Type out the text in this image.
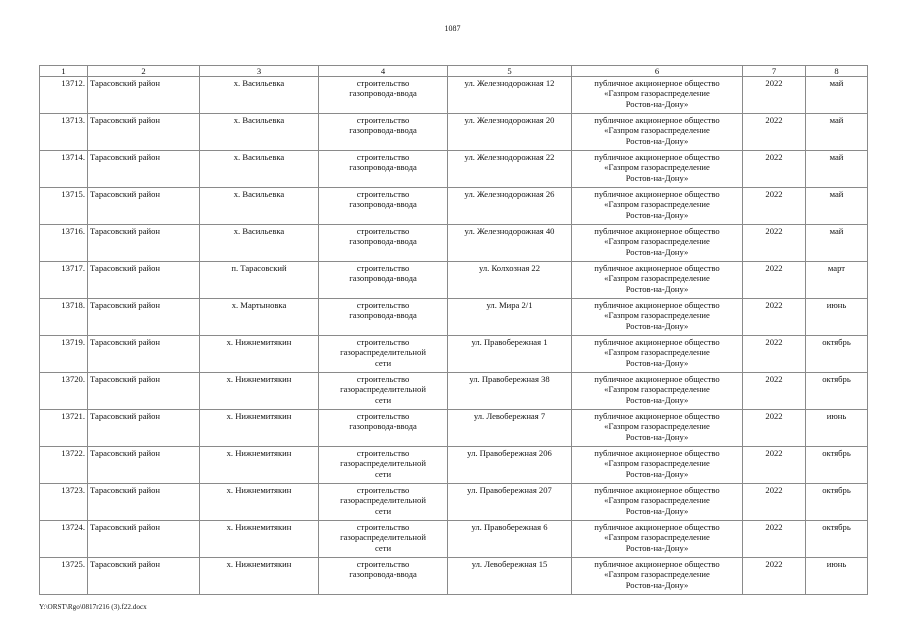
1087
1	2	3	4	5	6	7	8
13712.	Тарасовский район	х. Васильевка	строительство
газопровода-ввода	ул. Железнодорожная 12	публичное акционерное общество
«Газпром газораспределение
Ростов-на-Дону»	2022	май
13713.	Тарасовский район	х. Васильевка	строительство
газопровода-ввода	ул. Железнодорожная 20	публичное акционерное общество
«Газпром газораспределение
Ростов-на-Дону»	2022	май
13714.	Тарасовский район	х. Васильевка	строительство
газопровода-ввода	ул. Железнодорожная 22	публичное акционерное общество
«Газпром газораспределение
Ростов-на-Дону»	2022	май
13715.	Тарасовский район	х. Васильевка	строительство
газопровода-ввода	ул. Железнодорожная 26	публичное акционерное общество
«Газпром газораспределение
Ростов-на-Дону»	2022	май
13716.	Тарасовский район	х. Васильевка	строительство
газопровода-ввода	ул. Железнодорожная 40	публичное акционерное общество
«Газпром газораспределение
Ростов-на-Дону»	2022	май
13717.	Тарасовский район	п. Тарасовский	строительство
газопровода-ввода	ул. Колхозная 22	публичное акционерное общество
«Газпром газораспределение
Ростов-на-Дону»	2022	март
13718.	Тарасовский район	х. Мартыновка	строительство
газопровода-ввода	ул. Мира 2/1	публичное акционерное общество
«Газпром газораспределение
Ростов-на-Дону»	2022	июнь
13719.	Тарасовский район	х. Нижнемитякин	строительство
газораспределительной
сети	ул. Правобережная 1	публичное акционерное общество
«Газпром газораспределение
Ростов-на-Дону»	2022	октябрь
13720.	Тарасовский район	х. Нижнемитякин	строительство
газораспределительной
сети	ул. Правобережная 38	публичное акционерное общество
«Газпром газораспределение
Ростов-на-Дону»	2022	октябрь
13721.	Тарасовский район	х. Нижнемитякин	строительство
газопровода-ввода	ул. Левобережная 7	публичное акционерное общество
«Газпром газораспределение
Ростов-на-Дону»	2022	июнь
13722.	Тарасовский район	х. Нижнемитякин	строительство
газораспределительной
сети	ул. Правобережная 206	публичное акционерное общество
«Газпром газораспределение
Ростов-на-Дону»	2022	октябрь
13723.	Тарасовский район	х. Нижнемитякин	строительство
газораспределительной
сети	ул. Правобережная 207	публичное акционерное общество
«Газпром газораспределение
Ростов-на-Дону»	2022	октябрь
13724.	Тарасовский район	х. Нижнемитякин	строительство
газораспределительной
сети	ул. Правобережная 6	публичное акционерное общество
«Газпром газораспределение
Ростов-на-Дону»	2022	октябрь
13725.	Тарасовский район	х. Нижнемитякин	строительство
газопровода-ввода	ул. Левобережная 15	публичное акционерное общество
«Газпром газораспределение
Ростов-на-Дону»	2022	июнь
Y:\ORST\Rgo\0817r216 (3).f22.docx
